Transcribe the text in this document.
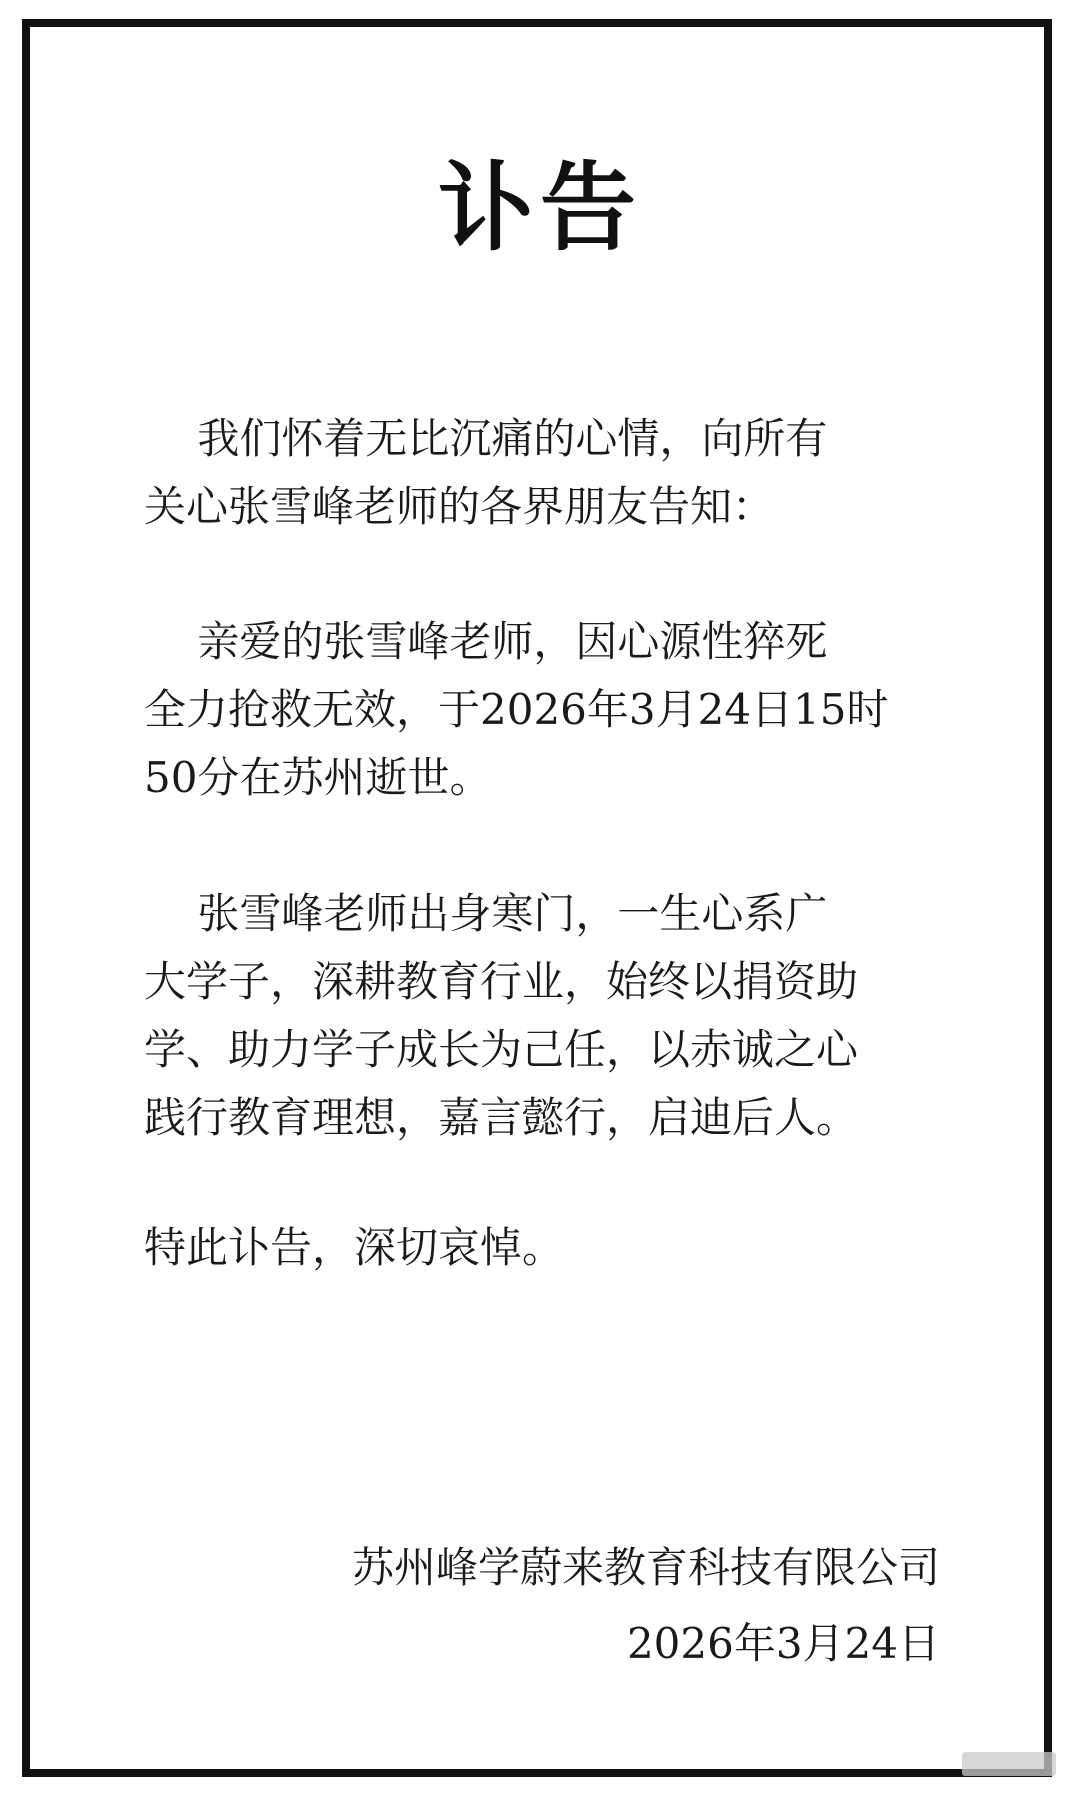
讣告

我们怀着无比沉痛的心情，向所有
关心张雪峰老师的各界朋友告知：

亲爱的张雪峰老师，因心源性猝死
全力抢救无效，于2026年3月24日15时
50分在苏州逝世。

张雪峰老师出身寒门，一生心系广
大学子，深耕教育行业，始终以捐资助
学、助力学子成长为己任，以赤诚之心
践行教育理想，嘉言懿行，启迪后人。

特此讣告，深切哀悼。

苏州峰学蔚来教育科技有限公司
2026年3月24日
